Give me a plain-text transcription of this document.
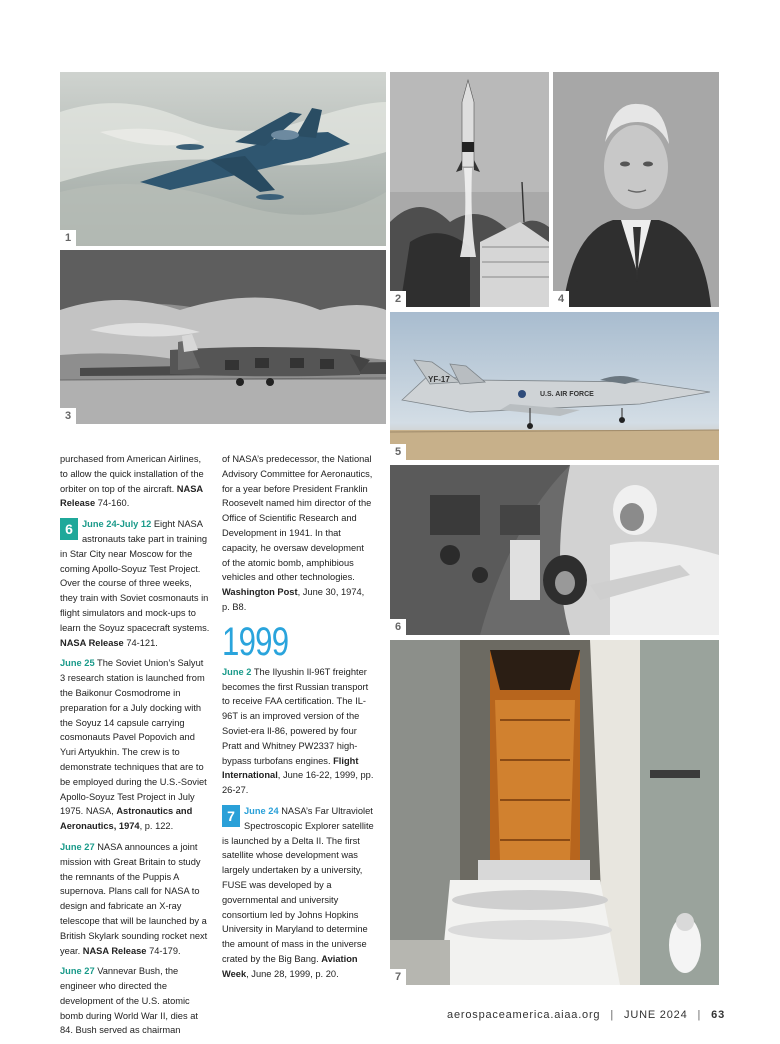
1
2	4
3
YF-17
U.S. AIR FORCE
5
6
7

purchased from American Airlines, to allow the quick installation of the orbiter on top of the aircraft. NASA Release 74-160.

6 June 24-July 12 Eight NASA astronauts take part in training in Star City near Moscow for the coming Apollo-Soyuz Test Project. Over the course of three weeks, they train with Soviet cosmonauts in flight simulators and mock-ups to learn the Soyuz spacecraft systems. NASA Release 74-121.

June 25 The Soviet Union’s Salyut 3 research station is launched from the Baikonur Cosmodrome in preparation for a July docking with the Soyuz 14 capsule carrying cosmonauts Pavel Popovich and Yuri Artyukhin. The crew is to demonstrate techniques that are to be employed during the U.S.-Soviet Apollo-Soyuz Test Project in July 1975. NASA, Astronautics and Aeronautics, 1974, p. 122.

June 27 NASA announces a joint mission with Great Britain to study the remnants of the Puppis A supernova. Plans call for NASA to design and fabricate an X-ray telescope that will be launched by a British Skylark sounding rocket next year. NASA Release 74-179.

June 27 Vannevar Bush, the engineer who directed the development of the U.S. atomic bomb during World War II, dies at 84. Bush served as chairman

of NASA’s predecessor, the National Advisory Committee for Aeronautics, for a year before President Franklin Roosevelt named him director of the Office of Scientific Research and Development in 1941. In that capacity, he oversaw development of the atomic bomb, amphibious vehicles and other technologies. Washington Post, June 30, 1974, p. B8.

1999

June 2 The Ilyushin Il-96T freighter becomes the first Russian transport to receive FAA certification. The IL-96T is an improved version of the Soviet-era Il-86, powered by four Pratt and Whitney PW2337 high-bypass turbofans engines. Flight International, June 16-22, 1999, pp. 26-27.

7 June 24 NASA’s Far Ultraviolet Spectroscopic Explorer satellite is launched by a Delta II. The first satellite whose development was largely undertaken by a university, FUSE was developed by a governmental and university consortium led by Johns Hopkins University in Maryland to determine the amount of mass in the universe crated by the Big Bang. Aviation Week, June 28, 1999, p. 20.

aerospaceamerica.aiaa.org | JUNE 2024 | 63
